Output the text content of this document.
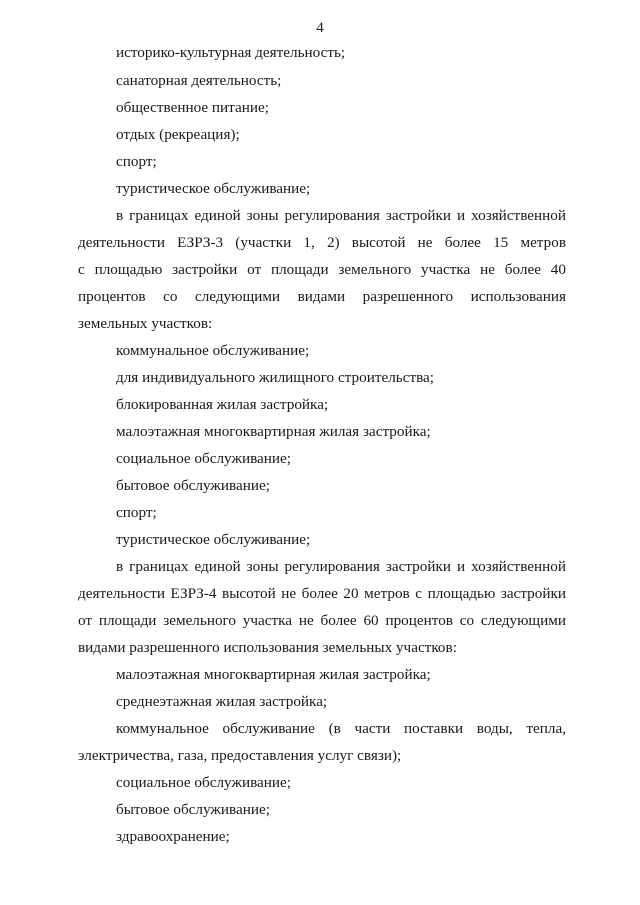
4
историко-культурная деятельность;
санаторная деятельность;
общественное питание;
отдых (рекреация);
спорт;
туристическое обслуживание;
в границах единой зоны регулирования застройки и хозяйственной
деятельности ЕЗРЗ-3 (участки 1, 2) высотой не более 15 метров
с площадью застройки от площади земельного участка не более 40
процентов со следующими видами разрешенного использования
земельных участков:
коммунальное обслуживание;
для индивидуального жилищного строительства;
блокированная жилая застройка;
малоэтажная многоквартирная жилая застройка;
социальное обслуживание;
бытовое обслуживание;
спорт;
туристическое обслуживание;
в границах единой зоны регулирования застройки и хозяйственной
деятельности ЕЗРЗ-4 высотой не более 20 метров с площадью застройки
от площади земельного участка не более 60 процентов со следующими
видами разрешенного использования земельных участков:
малоэтажная многоквартирная жилая застройка;
среднеэтажная жилая застройка;
коммунальное обслуживание (в части поставки воды, тепла,
электричества, газа, предоставления услуг связи);
социальное обслуживание;
бытовое обслуживание;
здравоохранение;
